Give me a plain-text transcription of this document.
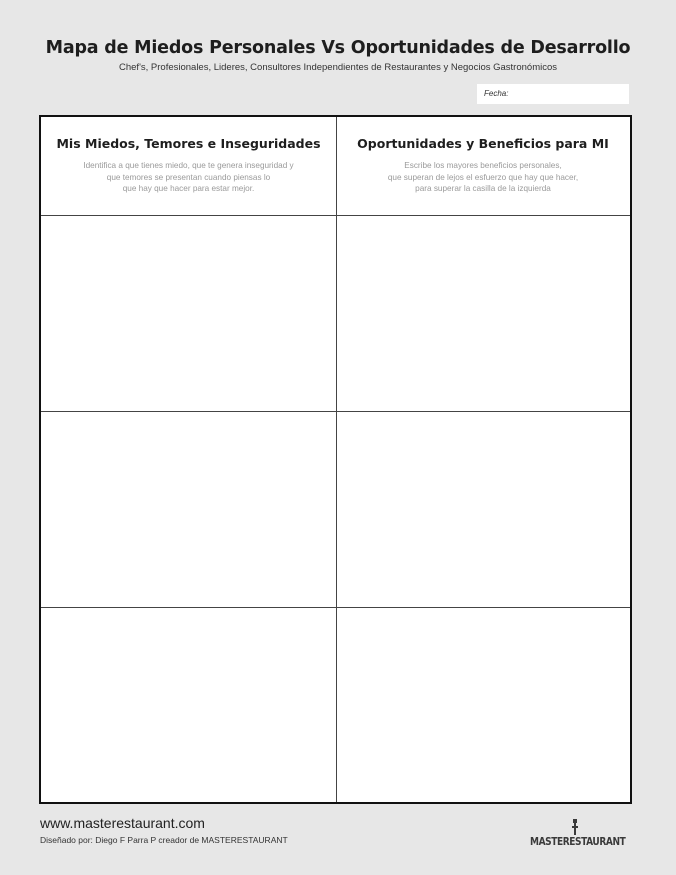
Mapa de Miedos Personales Vs Oportunidades de Desarrollo
Chef's, Profesionales, Lideres, Consultores Independientes de Restaurantes y Negocios Gastronómicos
Fecha:
Mis Miedos, Temores e Inseguridades
Identifica a que tienes miedo, que te genera inseguridad y
que temores se presentan cuando piensas lo
que hay que hacer para estar mejor.
Oportunidades y Beneficios para MI
Escribe los mayores beneficios personales,
que superan de lejos el esfuerzo que hay que hacer,
para superar la casilla de la izquierda
www.masterestaurant.com
Diseñado por: Diego F Parra P creador de MASTERESTAURANT	MASTERESTAURANT
